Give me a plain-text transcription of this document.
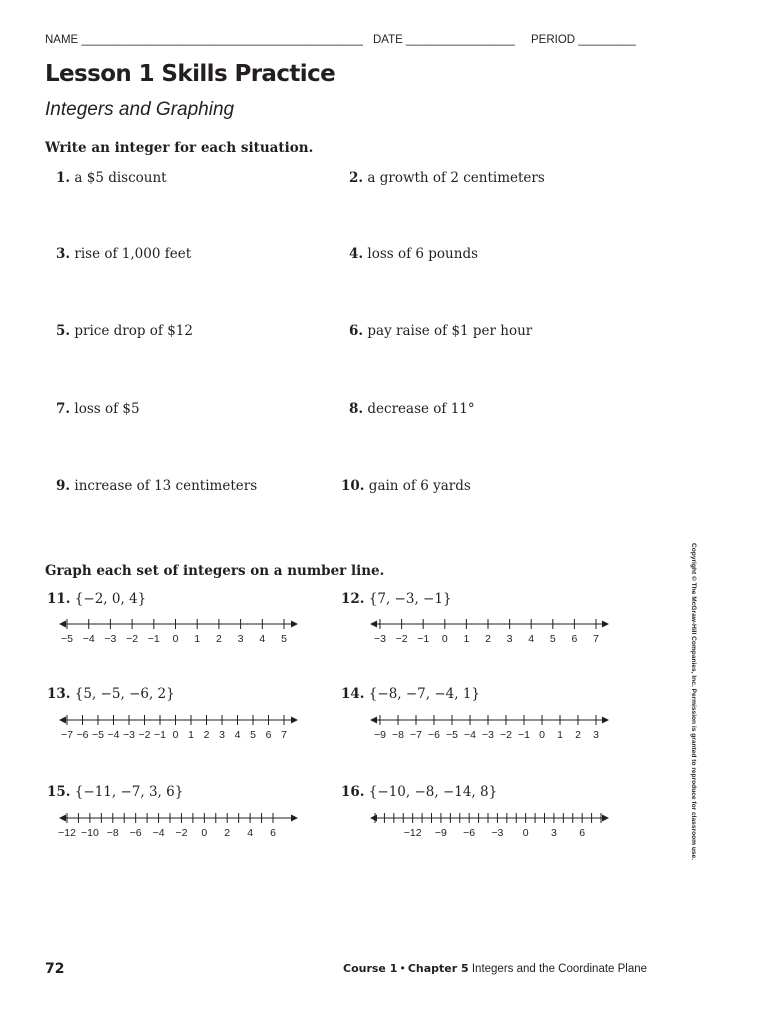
NAME ____________________________________________ DATE _________________ PERIOD _________
Lesson 1 Skills Practice
Integers and Graphing
Write an integer for each situation.
1. a $5 discount	2. a growth of 2 centimeters
3. rise of 1,000 feet	4. loss of 6 pounds
5. price drop of $12	6. pay raise of $1 per hour
7. loss of $5	8. decrease of 11°
9. increase of 13 centimeters	10. gain of 6 yards
Graph each set of integers on a number line.
11. {−2, 0, 4}	12. {7, −3, −1}
13. {5, −5, −6, 2}	14. {−8, −7, −4, 1}
15. {−11, −7, 3, 6}	16. {−10, −8, −14, 8}
−5 −4 −3 −2 −1 0 1 2 3 4 5	−3 −2 −1 0 1 2 3 4 5 6 7
−7 −6 −5 −4 −3 −2 −1 0 1 2 3 4 5 6 7	−9 −8 −7 −6 −5 −4 −3 −2 −1 0 1 2 3
−12 −10 −8 −6 −4 −2 0 2 4 6	−12 −9 −6 −3 0 3 6	Copyright © The McGraw-Hill Companies, Inc. Permission is granted to reproduce for classroom use.
72	Course 1 • Chapter 5 Integers and the Coordinate Plane
